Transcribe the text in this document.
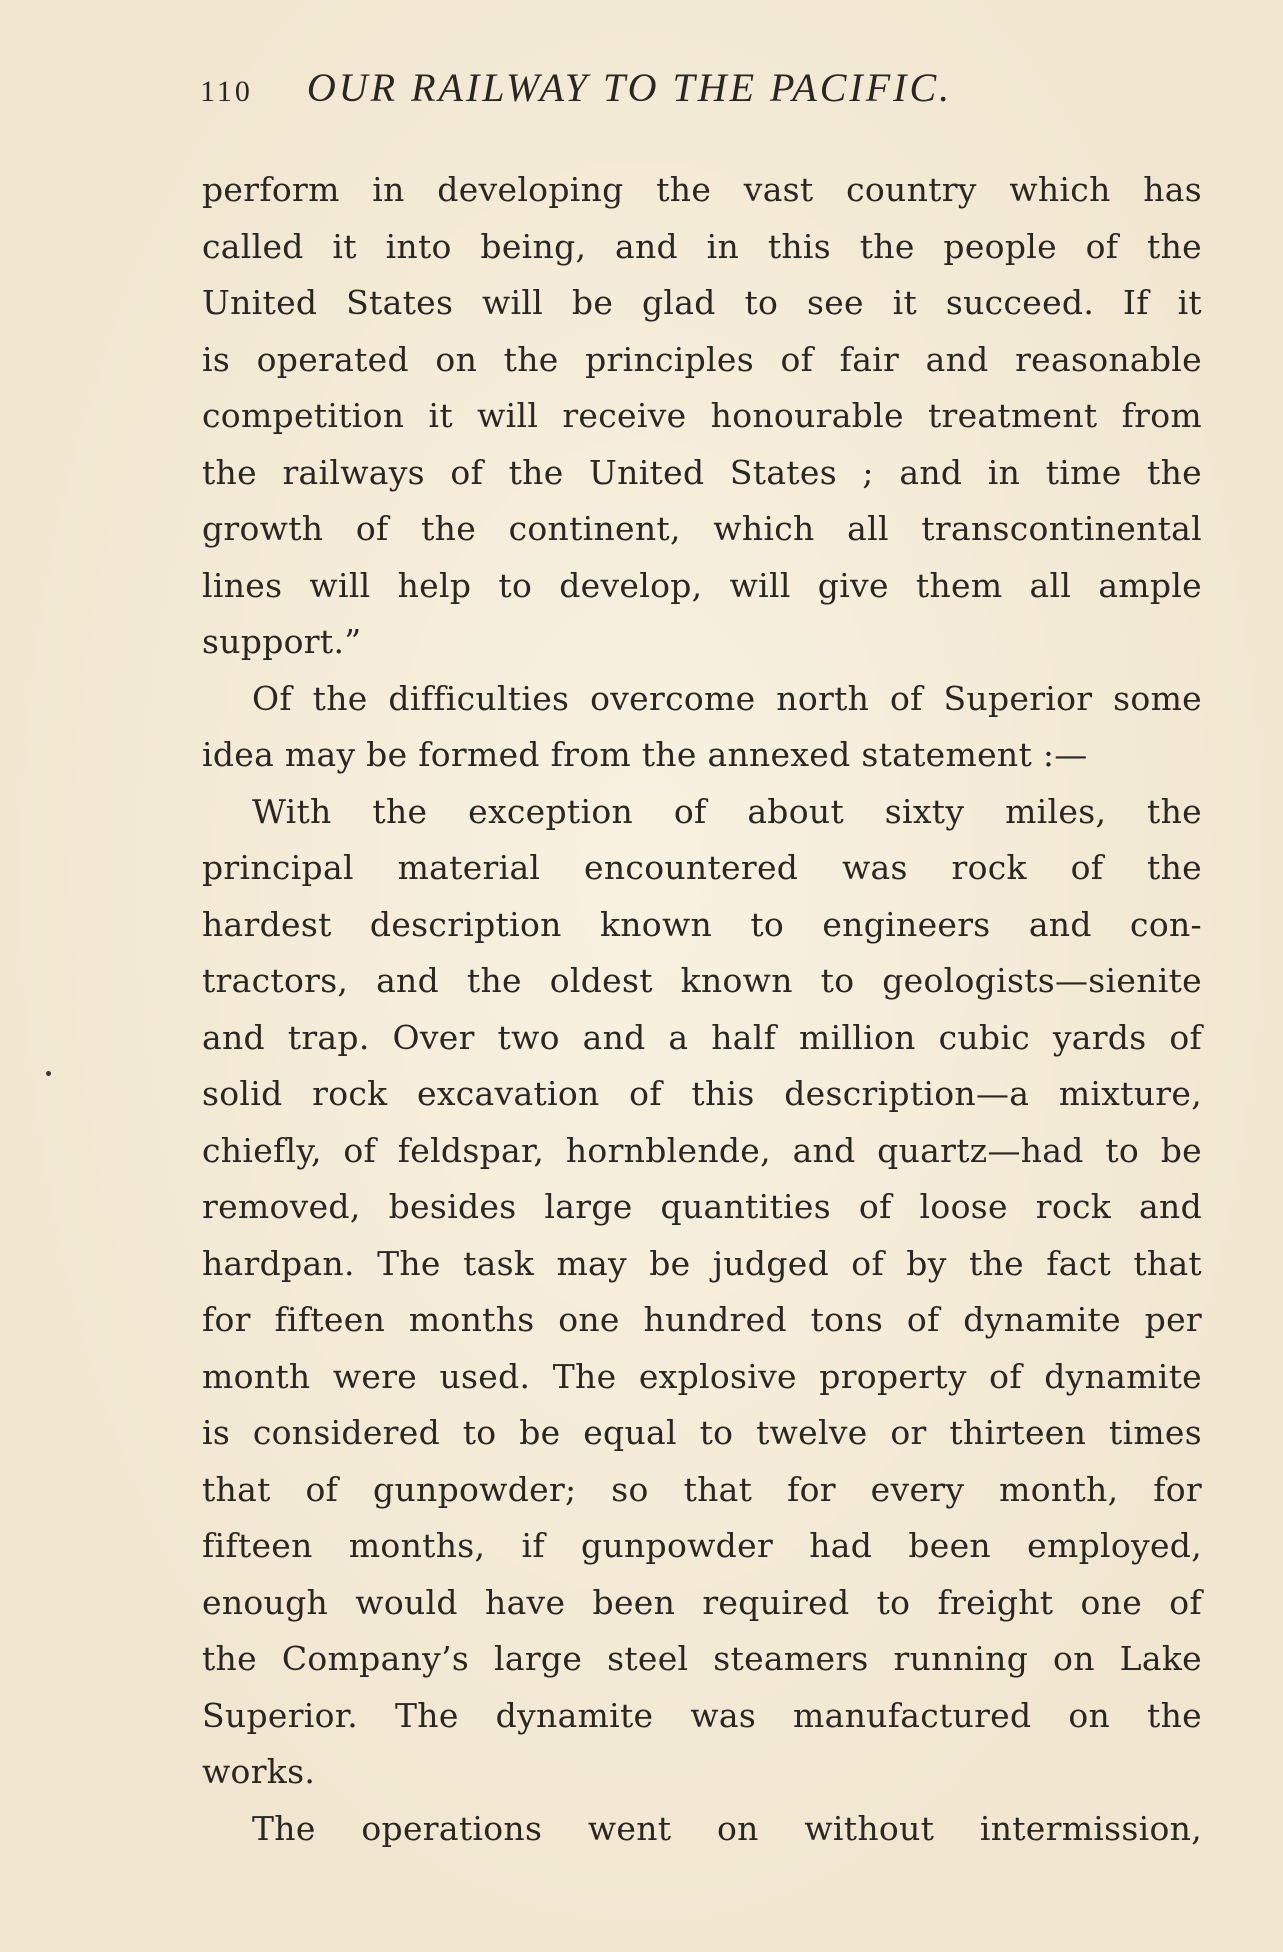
110 OUR RAILWAY TO THE PACIFIC.
perform in developing the vast country which has
called it into being, and in this the people of the
United States will be glad to see it succeed. If it
is operated on the principles of fair and reasonable
competition it will receive honourable treatment from
the railways of the United States ; and in time the
growth of the continent, which all transcontinental
lines will help to develop, will give them all ample
support.”
Of the difficulties overcome north of Superior some
idea may be formed from the annexed statement :—
With the exception of about sixty miles, the
principal material encountered was rock of the
hardest description known to engineers and con-
tractors, and the oldest known to geologists—sienite
and trap. Over two and a half million cubic yards of
solid rock excavation of this description—a mixture,
chiefly, of feldspar, hornblende, and quartz—had to be
removed, besides large quantities of loose rock and
hardpan. The task may be judged of by the fact that
for fifteen months one hundred tons of dynamite per
month were used. The explosive property of dynamite
is considered to be equal to twelve or thirteen times
that of gunpowder; so that for every month, for
fifteen months, if gunpowder had been employed,
enough would have been required to freight one of
the Company’s large steel steamers running on Lake
Superior. The dynamite was manufactured on the
works.
The operations went on without intermission,
